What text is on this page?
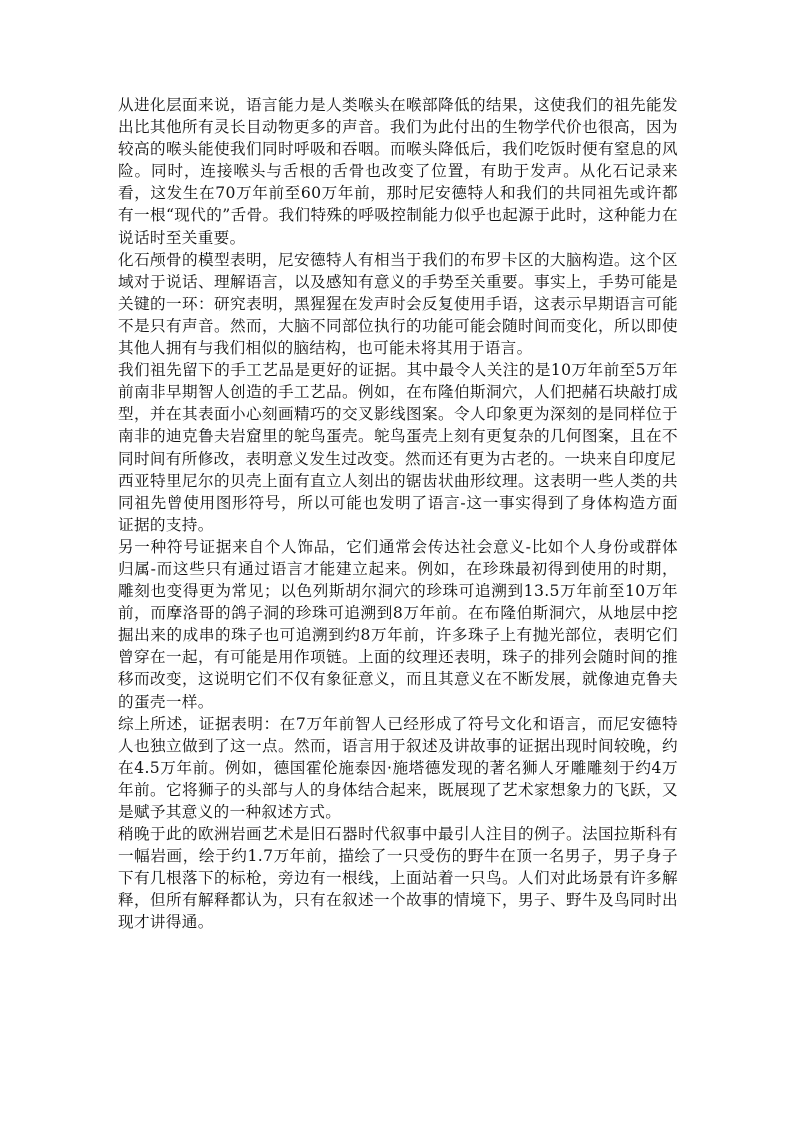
从进化层面来说，语言能力是人类喉头在喉部降低的结果，这使我们的祖先能发出比其他所有灵长目动物更多的声音。我们为此付出的生物学代价也很高，因为较高的喉头能使我们同时呼吸和吞咽。而喉头降低后，我们吃饭时便有窒息的风险。同时，连接喉头与舌根的舌骨也改变了位置，有助于发声。从化石记录来看，这发生在70万年前至60万年前，那时尼安德特人和我们的共同祖先或许都有一根“现代的”舌骨。我们特殊的呼吸控制能力似乎也起源于此时，这种能力在说话时至关重要。

化石颅骨的模型表明，尼安德特人有相当于我们的布罗卡区的大脑构造。这个区域对于说话、理解语言，以及感知有意义的手势至关重要。事实上，手势可能是关键的一环：研究表明，黑猩猩在发声时会反复使用手语，这表示早期语言可能不是只有声音。然而，大脑不同部位执行的功能可能会随时间而变化，所以即使其他人拥有与我们相似的脑结构，也可能未将其用于语言。

我们祖先留下的手工艺品是更好的证据。其中最令人关注的是10万年前至5万年前南非早期智人创造的手工艺品。例如，在布隆伯斯洞穴，人们把赭石块敲打成型，并在其表面小心刻画精巧的交叉影线图案。令人印象更为深刻的是同样位于南非的迪克鲁夫岩窟里的鸵鸟蛋壳。鸵鸟蛋壳上刻有更复杂的几何图案，且在不同时间有所修改，表明意义发生过改变。然而还有更为古老的。一块来自印度尼

西亚特里尼尔的贝壳上面有直立人刻出的锯齿状曲形纹理。这表明一些人类的共同祖先曾使用图形符号，所以可能也发明了语言-这一事实得到了身体构造方面证据的支持。

另一种符号证据来自个人饰品，它们通常会传达社会意义-比如个人身份或群体归属-而这些只有通过语言才能建立起来。例如，在珍珠最初得到使用的时期，雕刻也变得更为常见；以色列斯胡尔洞穴的珍珠可追溯到13.5万年前至10万年前，而摩洛哥的鸽子洞的珍珠可追溯到8万年前。在布隆伯斯洞穴，从地层中挖掘出来的成串的珠子也可追溯到约8万年前，许多珠子上有抛光部位，表明它们曾穿在一起，有可能是用作项链。上面的纹理还表明，珠子的排列会随时间的推移而改变，这说明它们不仅有象征意义，而且其意义在不断发展，就像迪克鲁夫的蛋壳一样。

综上所述，证据表明：在7万年前智人已经形成了符号文化和语言，而尼安德特人也独立做到了这一点。然而，语言用于叙述及讲故事的证据出现时间较晚，约在4.5万年前。例如，德国霍伦施泰因·施塔德发现的著名狮人牙雕雕刻于约4万年前。它将狮子的头部与人的身体结合起来，既展现了艺术家想象力的飞跃，又是赋予其意义的一种叙述方式。

稍晚于此的欧洲岩画艺术是旧石器时代叙事中最引人注目的例子。法国拉斯科有一幅岩画，绘于约1.7万年前，描绘了一只受伤的野牛在顶一名男子，男子身子下有几根落下的标枪，旁边有一根线，上面站着一只鸟。人们对此场景有许多解释，但所有解释都认为，只有在叙述一个故事的情境下，男子、野牛及鸟同时出现才讲得通。
